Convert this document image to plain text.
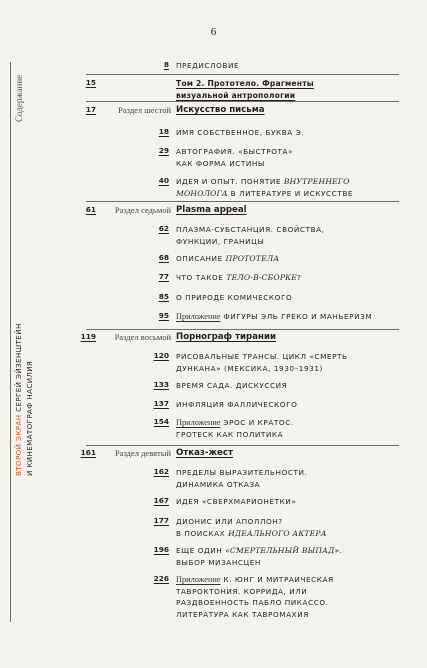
6
Содержание
ВТОРОЙ ЭКРАН СЕРГЕЙ ЭЙЗЕНШТЕЙН И КИНЕМАТОГРАФ НАСИЛИЯ
8 ПРЕДИСЛОВИЕ
15	Том 2. Прототело. Фрагменты
визуальной антропологии
17	Раздел шестой Искусство письма
18 ИМЯ СОБСТВЕННОЕ, БУКВА Э.
29 АВТОГРАФИЯ. «БЫСТРОТА»
КАК ФОРМА ИСТИНЫ
40 ИДЕЯ И ОПЫТ. ПОНЯТИЕ ВНУТРЕННЕГО
МОНОЛОГА В ЛИТЕРАТУРЕ И ИСКУССТВЕ
61	Раздел седьмой Plasma appeal
62 ПЛАЗМА-СУБСТАНЦИЯ. СВОЙСТВА,
ФУНКЦИИ, ГРАНИЦЫ
68 ОПИСАНИЕ ПРОТОТЕЛА
77 ЧТО ТАКОЕ ТЕЛО-В-СБОРКЕ?
85 О ПРИРОДЕ КОМИЧЕСКОГО
95 Приложение ФИГУРЫ ЭЛЬ ГРЕКО И МАНЬЕРИЗМ
119	Раздел восьмой Порнограф тирании
120 РИСОВАЛЬНЫЕ ТРАНСЫ. ЦИКЛ «СМЕРТЬ
ДУНКАНА» (МЕКСИКА, 1930–1931)
133 ВРЕМЯ САДА. ДИСКУССИЯ
137 ИНФЛЯЦИЯ ФАЛЛИЧЕСКОГО
154 Приложение ЭРОС И КРАТОС.
ГРОТЕСК КАК ПОЛИТИКА
161	Раздел девятый Отказ-жест
162 ПРЕДЕЛЫ ВЫРАЗИТЕЛЬНОСТИ.
ДИНАМИКА ОТКАЗА
167 ИДЕЯ «СВЕРХМАРИОНЕТКИ»
177 ДИОНИС ИЛИ АПОЛЛОН?
В ПОИСКАХ ИДЕАЛЬНОГО АКТЕРА
196 ЕЩЕ ОДИН «СМЕРТЕЛЬНЫЙ ВЫПАД».
ВЫБОР МИЗАНСЦЕН
226 Приложение К. ЮНГ И МИТРАИЧЕСКАЯ
ТАВРОКТОНИЯ. КОРРИДА, ИЛИ
РАЗДВОЕННОСТЬ ПАБЛО ПИКАССО.
ЛИТЕРАТУРА КАК ТАВРОМАХИЯ
